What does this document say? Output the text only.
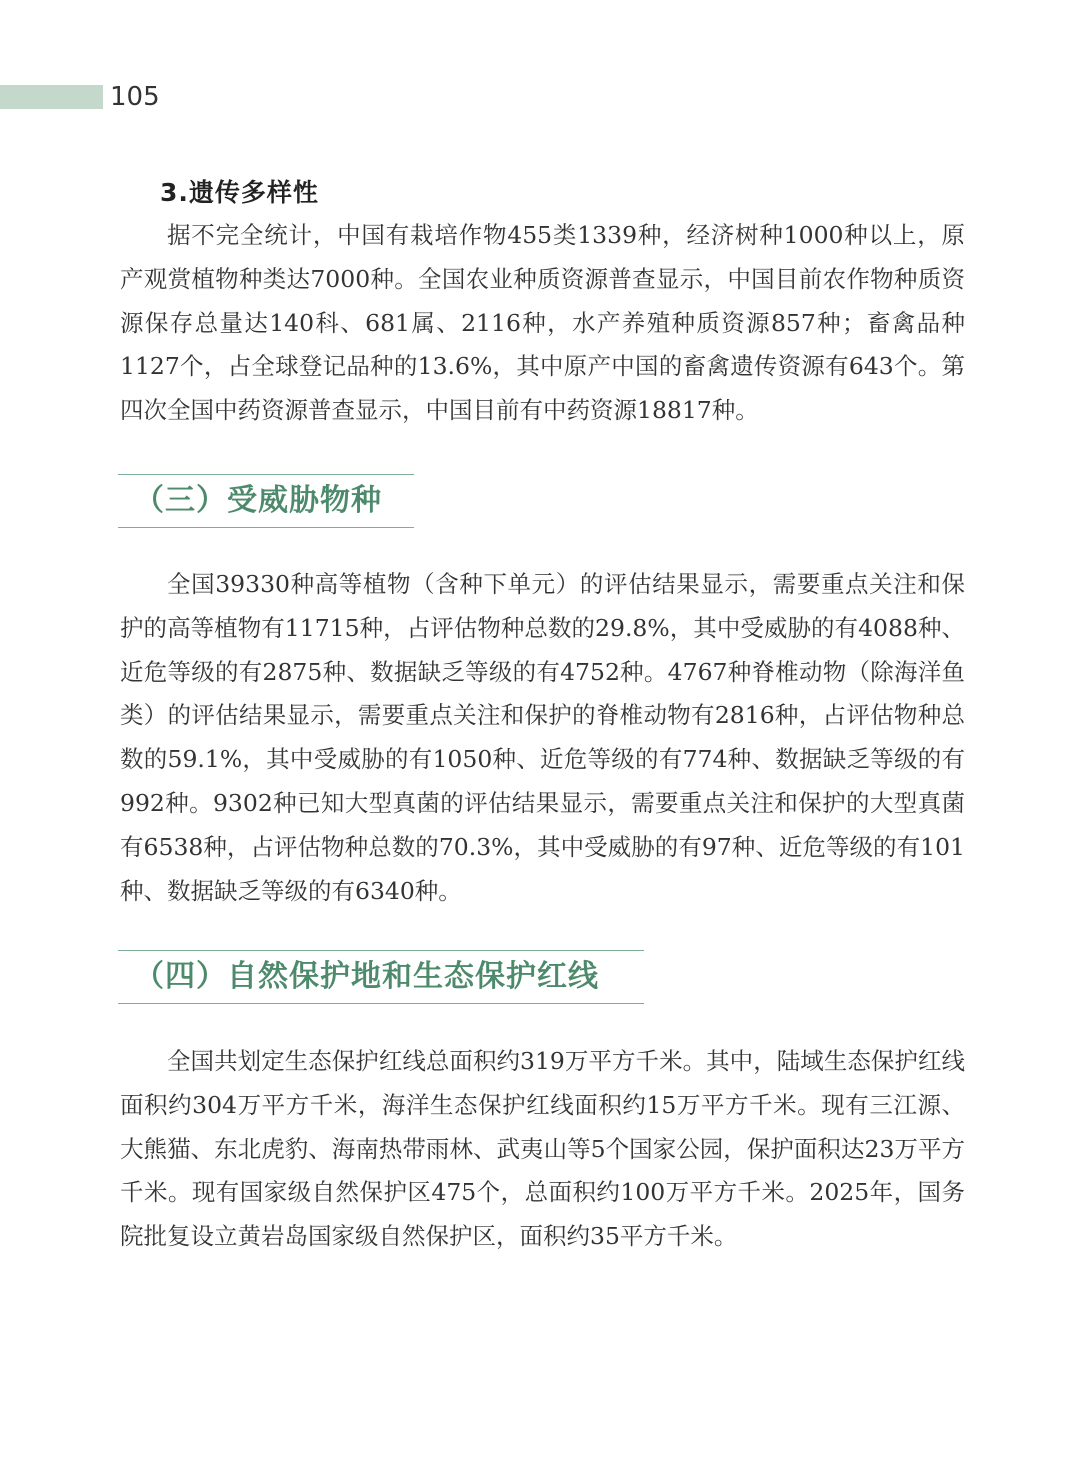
105
3.遗传多样性

据不完全统计，中国有栽培作物455类1339种，经济树种1000种以上，原产观赏植物种类达7000种。全国农业种质资源普查显示，中国目前农作物种质资源保存总量达140科、681属、2116种，水产养殖种质资源857种；畜禽品种1127个，占全球登记品种的13.6%，其中原产中国的畜禽遗传资源有643个。第四次全国中药资源普查显示，中国目前有中药资源18817种。

（三）受威胁物种

全国39330种高等植物（含种下单元）的评估结果显示，需要重点关注和保护的高等植物有11715种，占评估物种总数的29.8%，其中受威胁的有4088种、近危等级的有2875种、数据缺乏等级的有4752种。4767种脊椎动物（除海洋鱼类）的评估结果显示，需要重点关注和保护的脊椎动物有2816种，占评估物种总数的59.1%，其中受威胁的有1050种、近危等级的有774种、数据缺乏等级的有992种。9302种已知大型真菌的评估结果显示，需要重点关注和保护的大型真菌有6538种，占评估物种总数的70.3%，其中受威胁的有97种、近危等级的有101种、数据缺乏等级的有6340种。

（四）自然保护地和生态保护红线

全国共划定生态保护红线总面积约319万平方千米。其中，陆域生态保护红线面积约304万平方千米，海洋生态保护红线面积约15万平方千米。现有三江源、大熊猫、东北虎豹、海南热带雨林、武夷山等5个国家公园，保护面积达23万平方千米。现有国家级自然保护区475个，总面积约100万平方千米。2025年，国务院批复设立黄岩岛国家级自然保护区，面积约35平方千米。
